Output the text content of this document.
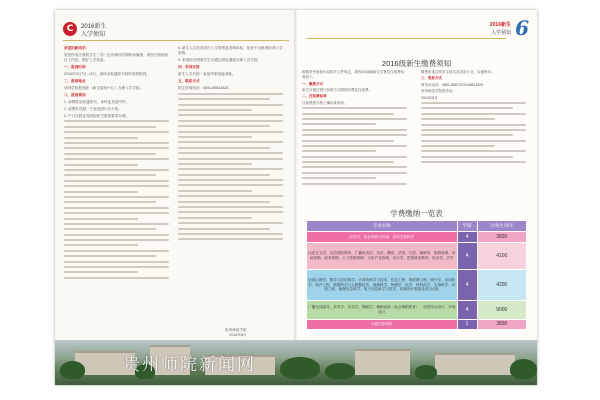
C	2016新生
入学须知

亲爱的新同学：

祝贺你成为我校学生！你一定有满怀的期待和憧憬，请你仔细阅读以下内容，做好入学准备。

一、报到时间

2016年9月7日—8日，请持录取通知书按时到校报到。

二、报到地点

请到学校报到处（新生接待中心）办理入学手续。

三、报到须知

1. 请携带录取通知书、身份证及复印件。

2. 请携带近期一寸免冠照片若干张。

3. 户口迁移及党团组织关系按要求办理。

4. 新生入学后将进行入学资格复查和体检，复查不合格者取消入学资格。

5. 家庭经济困难学生可通过绿色通道办理入学手续。

四、军训安排

新生入学后统一参加军事技能训练。

五、联系方式

招生咨询电话：0851-85842825

贵州师范学院
2016年8月
2016新生
入学须知 6
2016级新生缴费须知

根据贵州省物价局相关文件规定，我校2016级新生学费及住宿费标准如下。

一、缴费方式

新生可通过银行转账方式缴纳学费及住宿费。

二、住宿费标准

住宿费按学校公寓标准收取。

缴费时请注明学生姓名及录取专业，以便核对。

三、联系方式

财务处电话：0851-85872439 85841526

贵州师范学院财务处

2016年8月

学费缴纳一览表
专业名称	学制	元/每生/每年
历史学、农业资源与环境、应用生物科学	4	3830
汉语言文学、汉语国际教育、广播电视学、英语、俄语、法语、日语、朝鲜语、旅游管理、市场营销、财务管理、人力资源管理、文化产业管理、音乐学、思想政治教育、经济学、法学	4	4100
应用心理学、数学与应用数学、计算机科学与技术、信息工程、物联网工程、统计学、应用化学、软件工程、数据科学与大数据技术、地理科学、物理学、化学、材料化学、生物科学、环境工程、地理信息科学、电子信息科学与技术、机械设计制造及其自动化	4	4200
广播电视编导、美术学、音乐学、舞蹈学、舞蹈表演（社会舞蹈教育）、视觉传达设计、环境设计	4	9000
少数民族预科	1	3830
贵州师院新闻网
